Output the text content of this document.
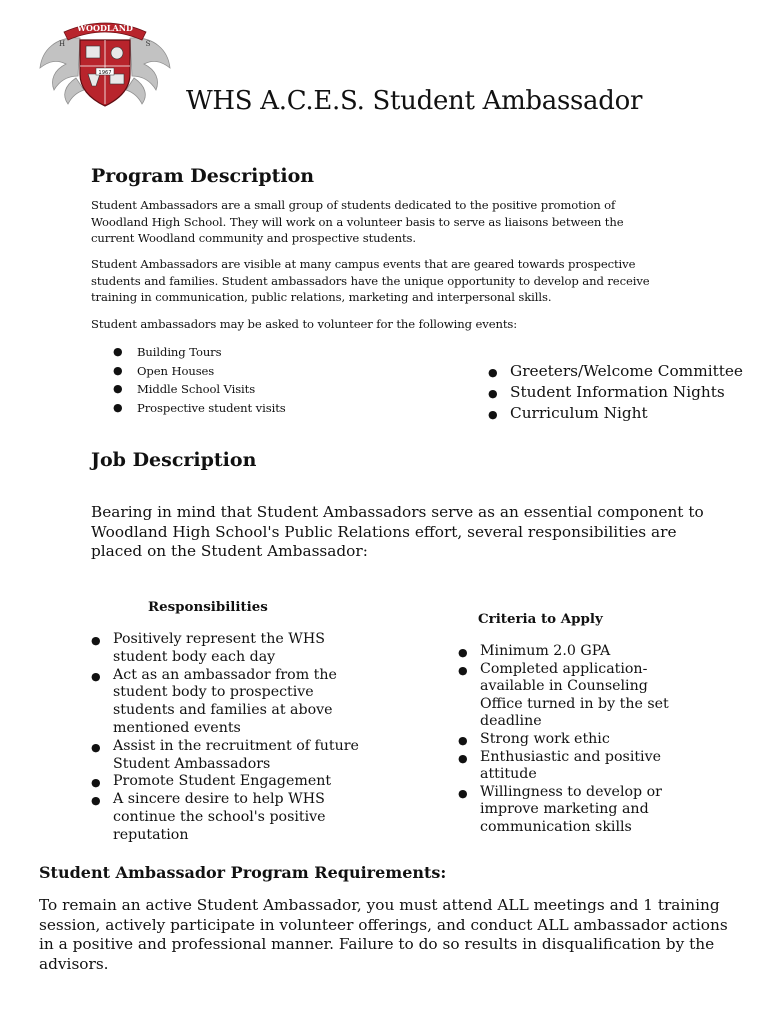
WOODLAND
1967
H	S
WHS A.C.E.S. Student Ambassador
Program Description

Student Ambassadors are a small group of students dedicated to the positive promotion of Woodland High School. They will work on a volunteer basis to serve as liaisons between the current Woodland community and prospective students.

Student Ambassadors are visible at many campus events that are geared towards prospective students and families. Student ambassadors have the unique opportunity to develop and receive training in communication, public relations, marketing and interpersonal skills.

Student ambassadors may be asked to volunteer for the following events:

● Building Tours
● Open Houses
● Middle School Visits
● Prospective student visits
● Greeters/Welcome Committee
● Student Information Nights
● Curriculum Night
Job Description

Bearing in mind that Student Ambassadors serve as an essential component to Woodland High School's Public Relations effort, several responsibilities are placed on the Student Ambassador:

Responsibilities
● Positively represent the WHS student body each day
● Act as an ambassador from the student body to prospective students and families at above mentioned events
● Assist in the recruitment of future Student Ambassadors
● Promote Student Engagement
● A sincere desire to help WHS continue the school's positive reputation
Criteria to Apply
● Minimum 2.0 GPA
● Completed application- available in Counseling Office turned in by the set deadline
● Strong work ethic
● Enthusiastic and positive attitude
● Willingness to develop or improve marketing and communication skills
Student Ambassador Program Requirements:

To remain an active Student Ambassador, you must attend ALL meetings and 1 training session, actively participate in volunteer offerings, and conduct ALL ambassador actions in a positive and professional manner. Failure to do so results in disqualification by the advisors.
